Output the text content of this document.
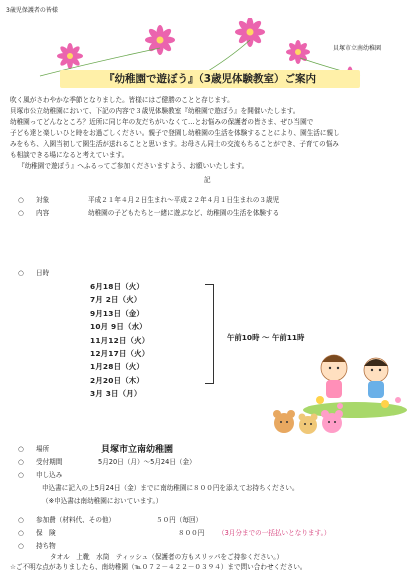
3歳児保護者の皆様
貝塚市立南幼稚園
『幼稚園で遊ぼう』（3歳児体験教室）ご案内
吹く風がさわやかな季節となりました。皆様にはご健勝のことと存じます。
貝塚市公立幼稚園において、下記の内容で３歳児体験教室『幼稚園で遊ぼう』を開催いたします。
幼稚園ってどんなところ？近所に同じ年の友だちがいなくて…とお悩みの保護者の皆さま、ぜひ当園で
子ども達と楽しいひと時をお過ごしください。親子で登園し幼稚園の生活を体験することにより、園生活に親し
みをもち、入園当初して園生活が送れることと思います。お母さん同士の交流もちることができ、子育ての悩み
も相談できる場になると考えています。
『幼稚園で遊ぼう』へふるってご参加くださいますよう、お願いいたします。
記
○ 対象	平成２１年４月２日生まれ～平成２２年４月１日生まれの３歳児
○ 内容	幼稚園の子どもたちと一緒に遊ぶなど、幼稚園の生活を体験する
○ 日時
6月18日（火）
7月 2日（火）
9月13日（金）
10月 9日（水）
11月12日（火）
12月17日（火）
1月28日（火）
2月20日（木）
3月 3日（月）
午前10時 ～ 午前11時
○ 場所	貝塚市立南幼稚園
○ 受付期間	5月20日（月）～5月24日（金）
○ 申し込み
申込書に記入の上5月24日（金）までに南幼稚園に８００円を添えてお持ちください。
（※申込書は南幼稚園においています。）
○ 参加費（材料代、その他）	５０円（毎回）
○ 保　険	８００円 （3月分までの一括払いとなります。）
○ 持ち物
タオル　上靴　水筒　ティッシュ（保護者の方もスリッパをご持参ください。）
☆ご不明な点がありましたら、南幼稚園（℡０７２－４２２－０３９４）まで問い合わせください。
